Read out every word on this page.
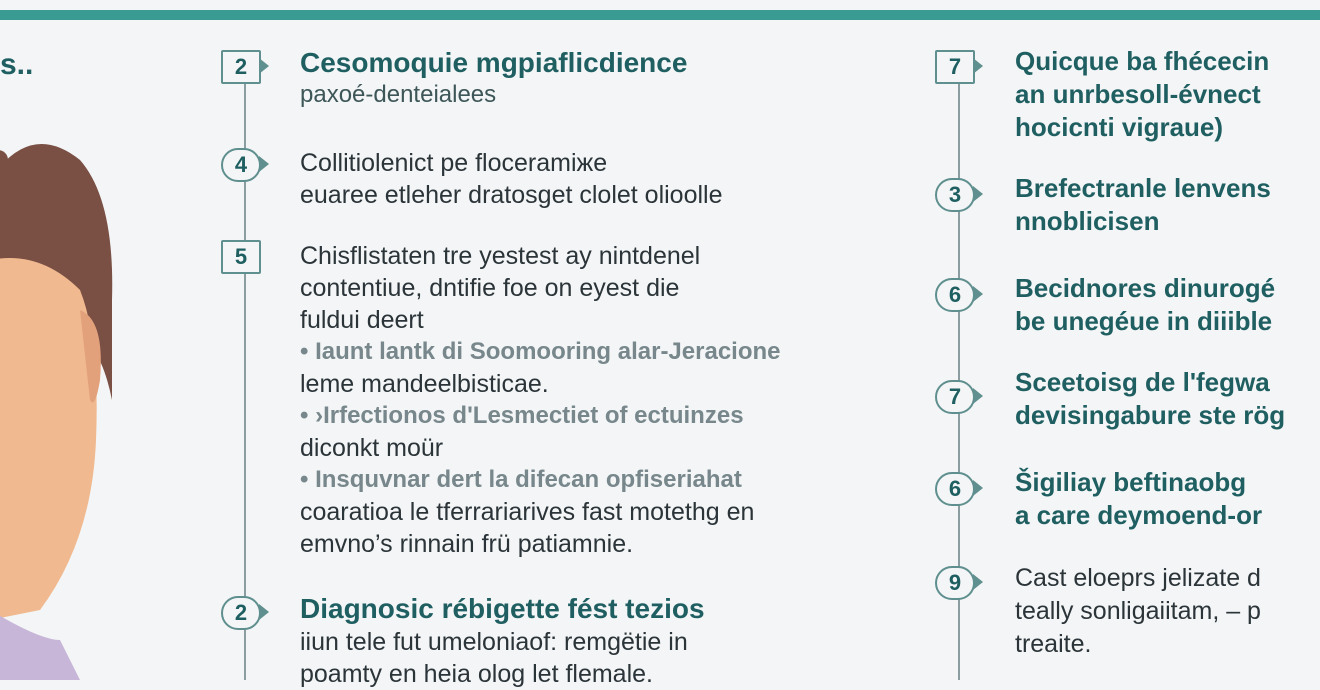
s..	2 Cesomoquie mgpiaflicdience
paxoé-denteialees
4 Collitiolenict pe floceramiже
euaree etleher dratosget clolet olioolle
5 Chisflistaten tre yestest ay nintdenel
contentiue, dntifie foe on eyest die
fuldui deert
• Iaunt lantk di Soomooring alar-Jeracione
leme mandeelbisticae.
• ›Irfectionos d'Lesmectiet of ectuinzes
diconkt moür
• Insquvnar dert la difecan opfiseriahat
coaratioa le tferrariarives fast motethg en
emvno’s rinnain frü patiamnie.
2 Diagnosic rébigette fést tezios
iiun tele fut umeloniaof: remgëtie in
poamty en heia olog let flemale.
7 Quicque ba fhécecin
an unrbesoll-évnect
hocicnti vigraue)
3 Brefectranle lenvens
nnoblicisen
6 Becidnores dinurogé
be unegéue in diiible
7 Sceetoisg de l'fegwa
devisingabure ste rög
6 Šigiliay beftinaobg
a care deymoend-or
9 Cast eloeprs jelizate d
teally sonligaiitam, – p
treaite.
